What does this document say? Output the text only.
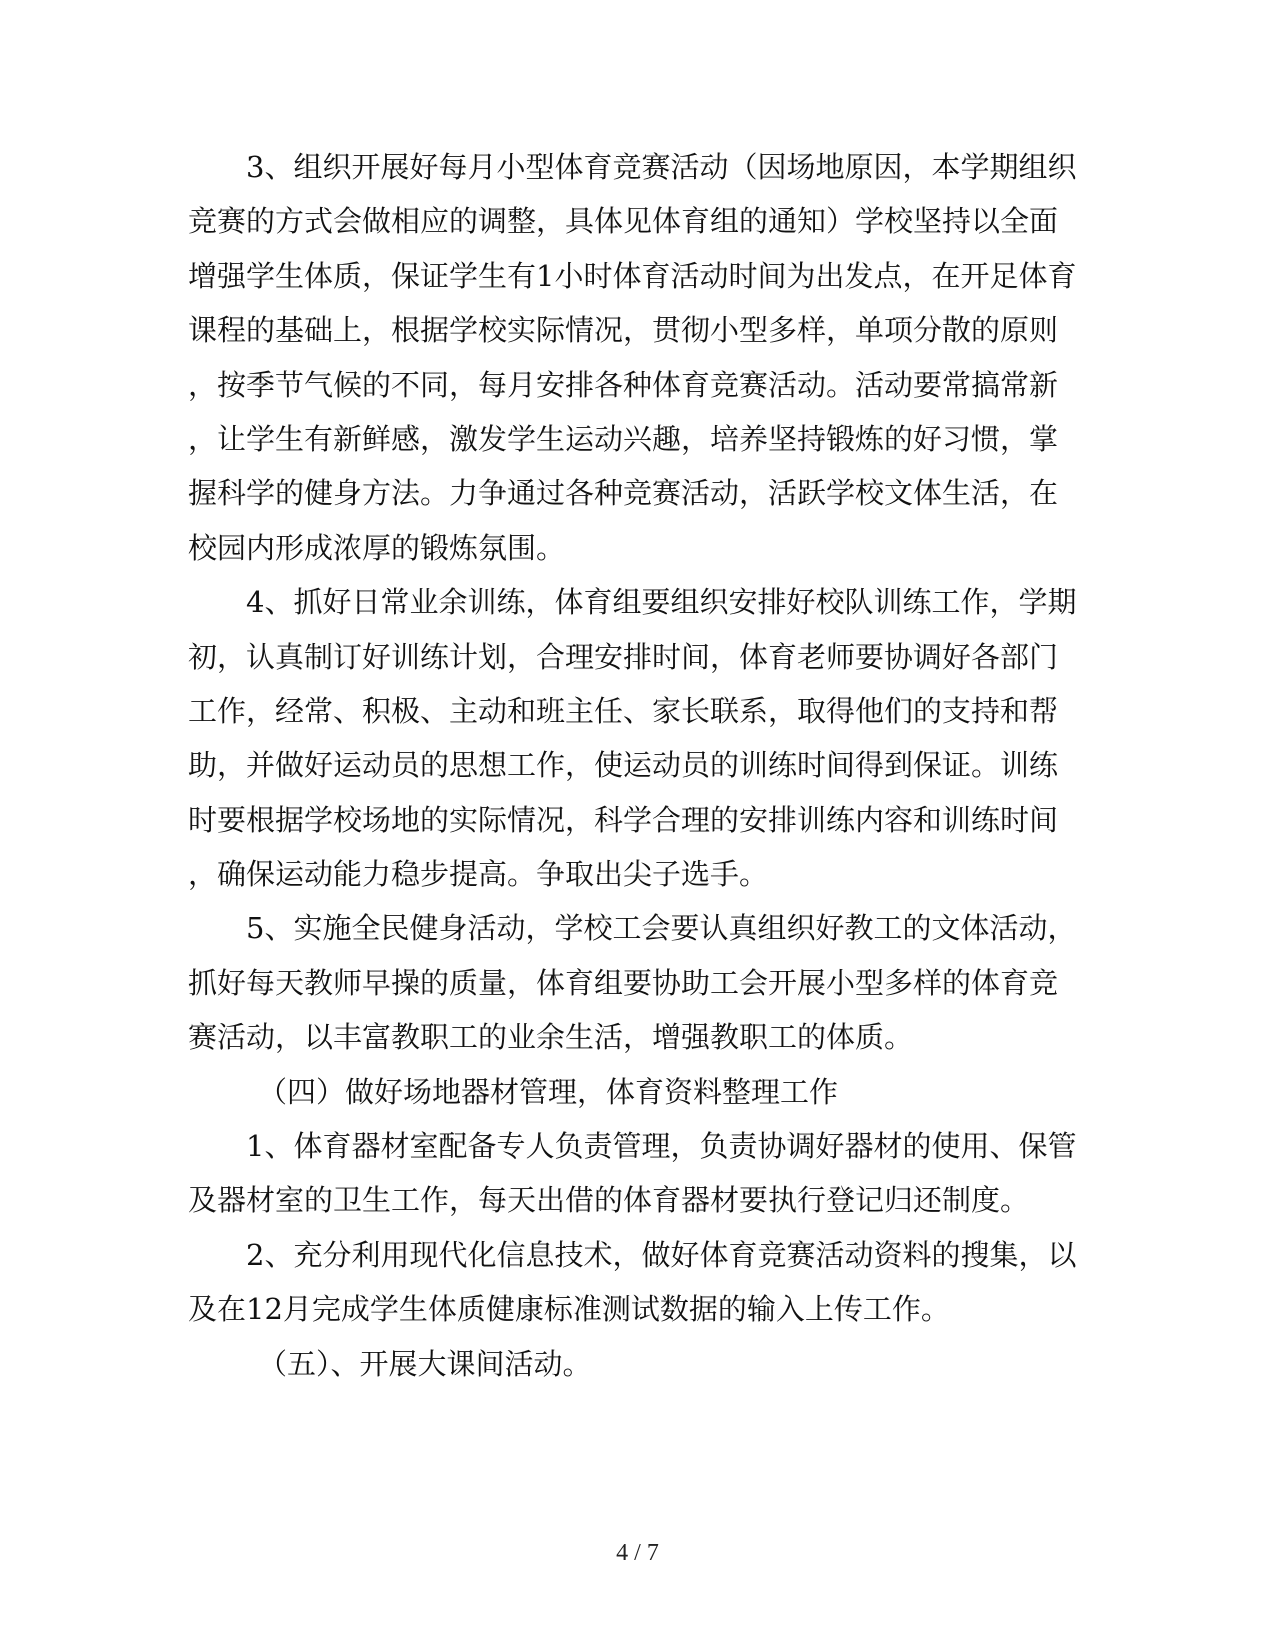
3、组织开展好每月小型体育竞赛活动（因场地原因，本学期组织
竞赛的方式会做相应的调整，具体见体育组的通知）学校坚持以全面
增强学生体质，保证学生有1小时体育活动时间为出发点，在开足体育
课程的基础上，根据学校实际情况，贯彻小型多样，单项分散的原则
，按季节气候的不同，每月安排各种体育竞赛活动。活动要常搞常新
，让学生有新鲜感，激发学生运动兴趣，培养坚持锻炼的好习惯，掌
握科学的健身方法。力争通过各种竞赛活动，活跃学校文体生活，在
校园内形成浓厚的锻炼氛围。
4、抓好日常业余训练，体育组要组织安排好校队训练工作，学期
初，认真制订好训练计划，合理安排时间，体育老师要协调好各部门
工作，经常、积极、主动和班主任、家长联系，取得他们的支持和帮
助，并做好运动员的思想工作，使运动员的训练时间得到保证。训练
时要根据学校场地的实际情况，科学合理的安排训练内容和训练时间
，确保运动能力稳步提高。争取出尖子选手。
5、实施全民健身活动，学校工会要认真组织好教工的文体活动，
抓好每天教师早操的质量，体育组要协助工会开展小型多样的体育竞
赛活动，以丰富教职工的业余生活，增强教职工的体质。
（四）做好场地器材管理，体育资料整理工作
1、体育器材室配备专人负责管理，负责协调好器材的使用、保管
及器材室的卫生工作，每天出借的体育器材要执行登记归还制度。
2、充分利用现代化信息技术，做好体育竞赛活动资料的搜集，以
及在12月完成学生体质健康标准测试数据的输入上传工作。
（五）、开展大课间活动。
4 / 7
